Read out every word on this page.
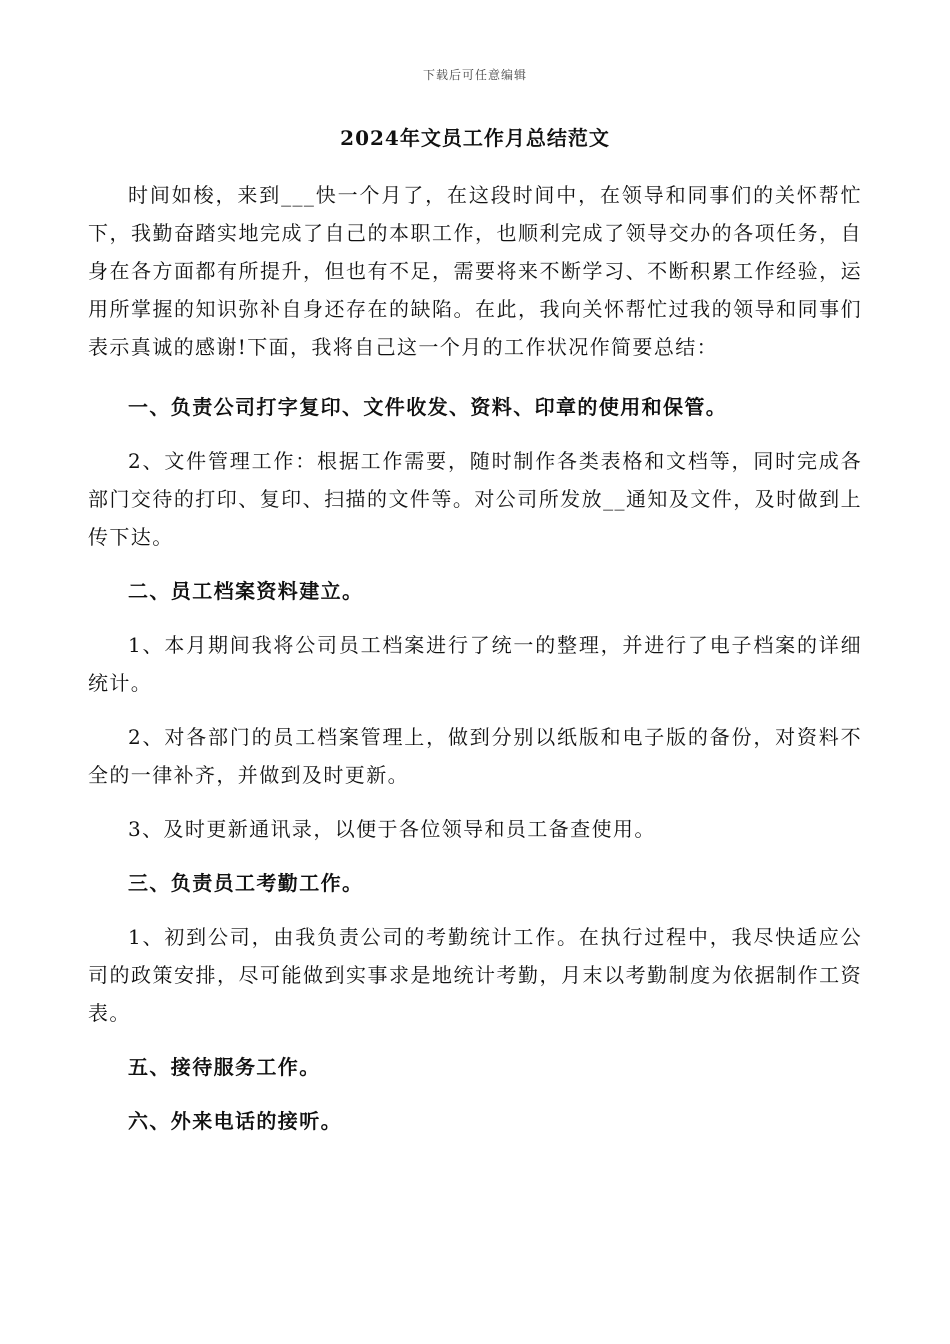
下载后可任意编辑
2024年文员工作月总结范文

时间如梭，来到___快一个月了，在这段时间中，在领导和同事们的关怀帮忙下，我勤奋踏实地完成了自己的本职工作，也顺利完成了领导交办的各项任务，自身在各方面都有所提升，但也有不足，需要将来不断学习、不断积累工作经验，运用所掌握的知识弥补自身还存在的缺陷。在此，我向关怀帮忙过我的领导和同事们表示真诚的感谢!下面，我将自己这一个月的工作状况作简要总结：

一、负责公司打字复印、文件收发、资料、印章的使用和保管。

2、文件管理工作：根据工作需要，随时制作各类表格和文档等，同时完成各部门交待的打印、复印、扫描的文件等。对公司所发放__通知及文件，及时做到上传下达。

二、员工档案资料建立。

1、本月期间我将公司员工档案进行了统一的整理，并进行了电子档案的详细统计。

2、对各部门的员工档案管理上，做到分别以纸版和电子版的备份，对资料不全的一律补齐，并做到及时更新。

3、及时更新通讯录，以便于各位领导和员工备查使用。

三、负责员工考勤工作。

1、初到公司，由我负责公司的考勤统计工作。在执行过程中，我尽快适应公司的政策安排，尽可能做到实事求是地统计考勤，月末以考勤制度为依据制作工资表。

五、接待服务工作。

六、外来电话的接听。
